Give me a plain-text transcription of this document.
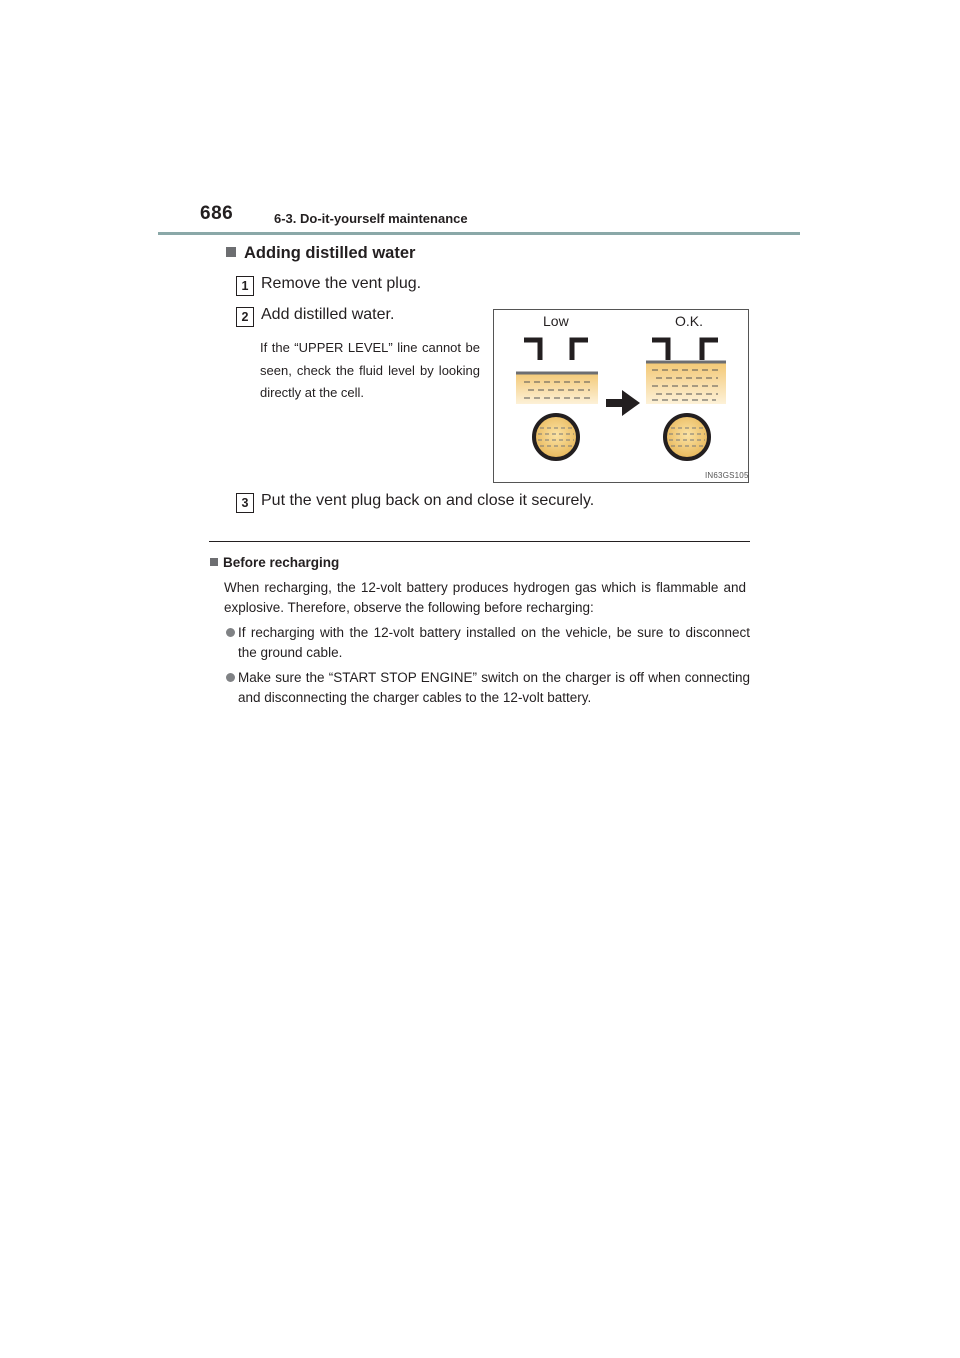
686	6-3. Do-it-yourself maintenance
Adding distilled water
1 Remove the vent plug.
2 Add distilled water.
If the “UPPER LEVEL” line cannot be seen, check the fluid level by looking directly at the cell.
Low	O.K.
IN63GS105
3 Put the vent plug back on and close it securely.
Before recharging
When recharging, the 12-volt battery produces hydrogen gas which is flammable and explosive. Therefore, observe the following before recharging:
If recharging with the 12-volt battery installed on the vehicle, be sure to disconnect the ground cable.
Make sure the “START STOP ENGINE” switch on the charger is off when connecting and disconnecting the charger cables to the 12-volt battery.
